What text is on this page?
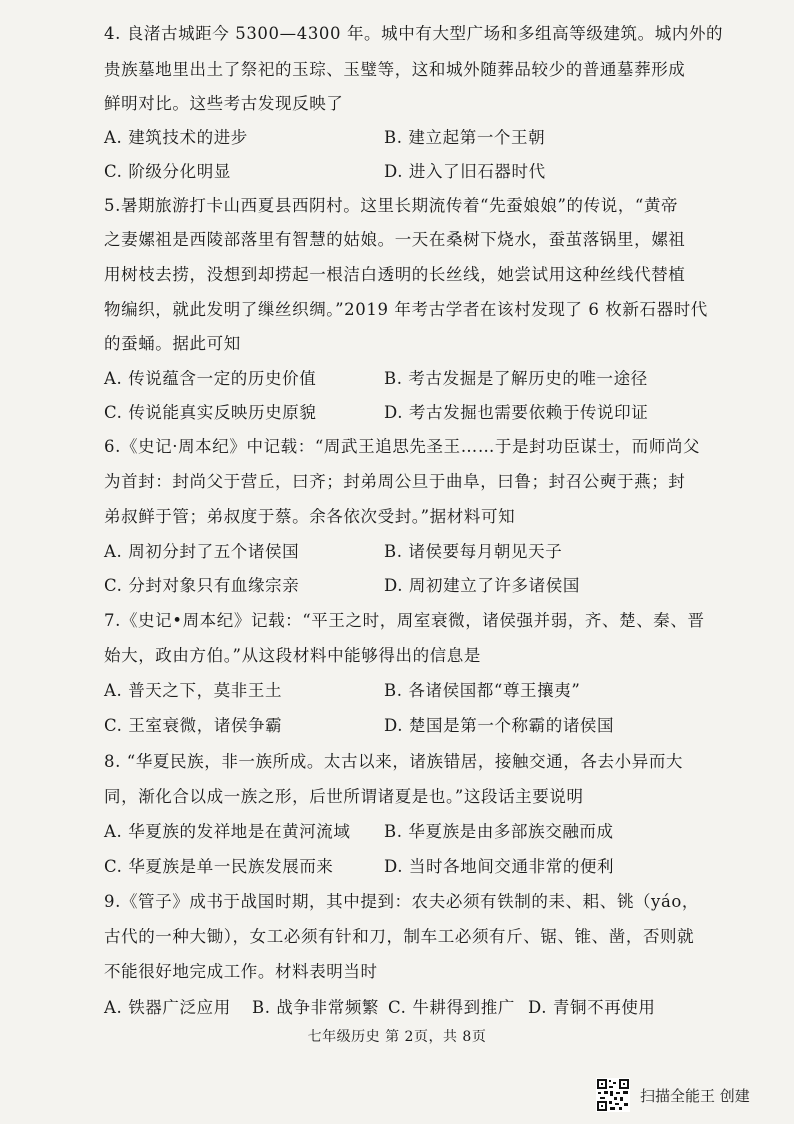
4. 良渚古城距今 5300—4300 年。城中有大型广场和多组高等级建筑。城内外的
贵族墓地里出土了祭祀的玉琮、玉璧等，这和城外随葬品较少的普通墓葬形成
鲜明对比。这些考古发现反映了
A. 建筑技术的进步	B. 建立起第一个王朝
C. 阶级分化明显	D. 进入了旧石器时代
5.暑期旅游打卡山西夏县西阴村。这里长期流传着“先蚕娘娘”的传说，“黄帝
之妻嫘祖是西陵部落里有智慧的姑娘。一天在桑树下烧水，蚕茧落锅里，嫘祖
用树枝去捞，没想到却捞起一根洁白透明的长丝线，她尝试用这种丝线代替植
物编织，就此发明了缫丝织绸。”2019 年考古学者在该村发现了 6 枚新石器时代
的蚕蛹。据此可知
A. 传说蕴含一定的历史价值	B. 考古发掘是了解历史的唯一途径
C. 传说能真实反映历史原貌	D. 考古发掘也需要依赖于传说印证
6.《史记·周本纪》中记载：“周武王追思先圣王……于是封功臣谋士，而师尚父
为首封：封尚父于营丘，曰齐；封弟周公旦于曲阜，曰鲁；封召公奭于燕；封
弟叔鲜于管；弟叔度于蔡。余各依次受封。”据材料可知
A. 周初分封了五个诸侯国	B. 诸侯要每月朝见天子
C. 分封对象只有血缘宗亲	D. 周初建立了许多诸侯国
7.《史记•周本纪》记载：“平王之时，周室衰微，诸侯强并弱，齐、楚、秦、晋
始大，政由方伯。”从这段材料中能够得出的信息是
A. 普天之下，莫非王土	B. 各诸侯国都“尊王攘夷”
C. 王室衰微，诸侯争霸	D. 楚国是第一个称霸的诸侯国
8. “华夏民族，非一族所成。太古以来，诸族错居，接触交通，各去小异而大
同，渐化合以成一族之形，后世所谓诸夏是也。”这段话主要说明
A. 华夏族的发祥地是在黄河流域 B. 华夏族是由多部族交融而成
C. 华夏族是单一民族发展而来	D. 当时各地间交通非常的便利
9.《管子》成书于战国时期，其中提到：农夫必须有铁制的耒、耜、铫（yáo，
古代的一种大锄），女工必须有针和刀，制车工必须有斤、锯、锥、凿，否则就
不能很好地完成工作。材料表明当时
A. 铁器广泛应用 B. 战争非常频繁 C. 牛耕得到推广 D. 青铜不再使用
七年级历史 第 2页，共 8页
扫描全能王 创建
